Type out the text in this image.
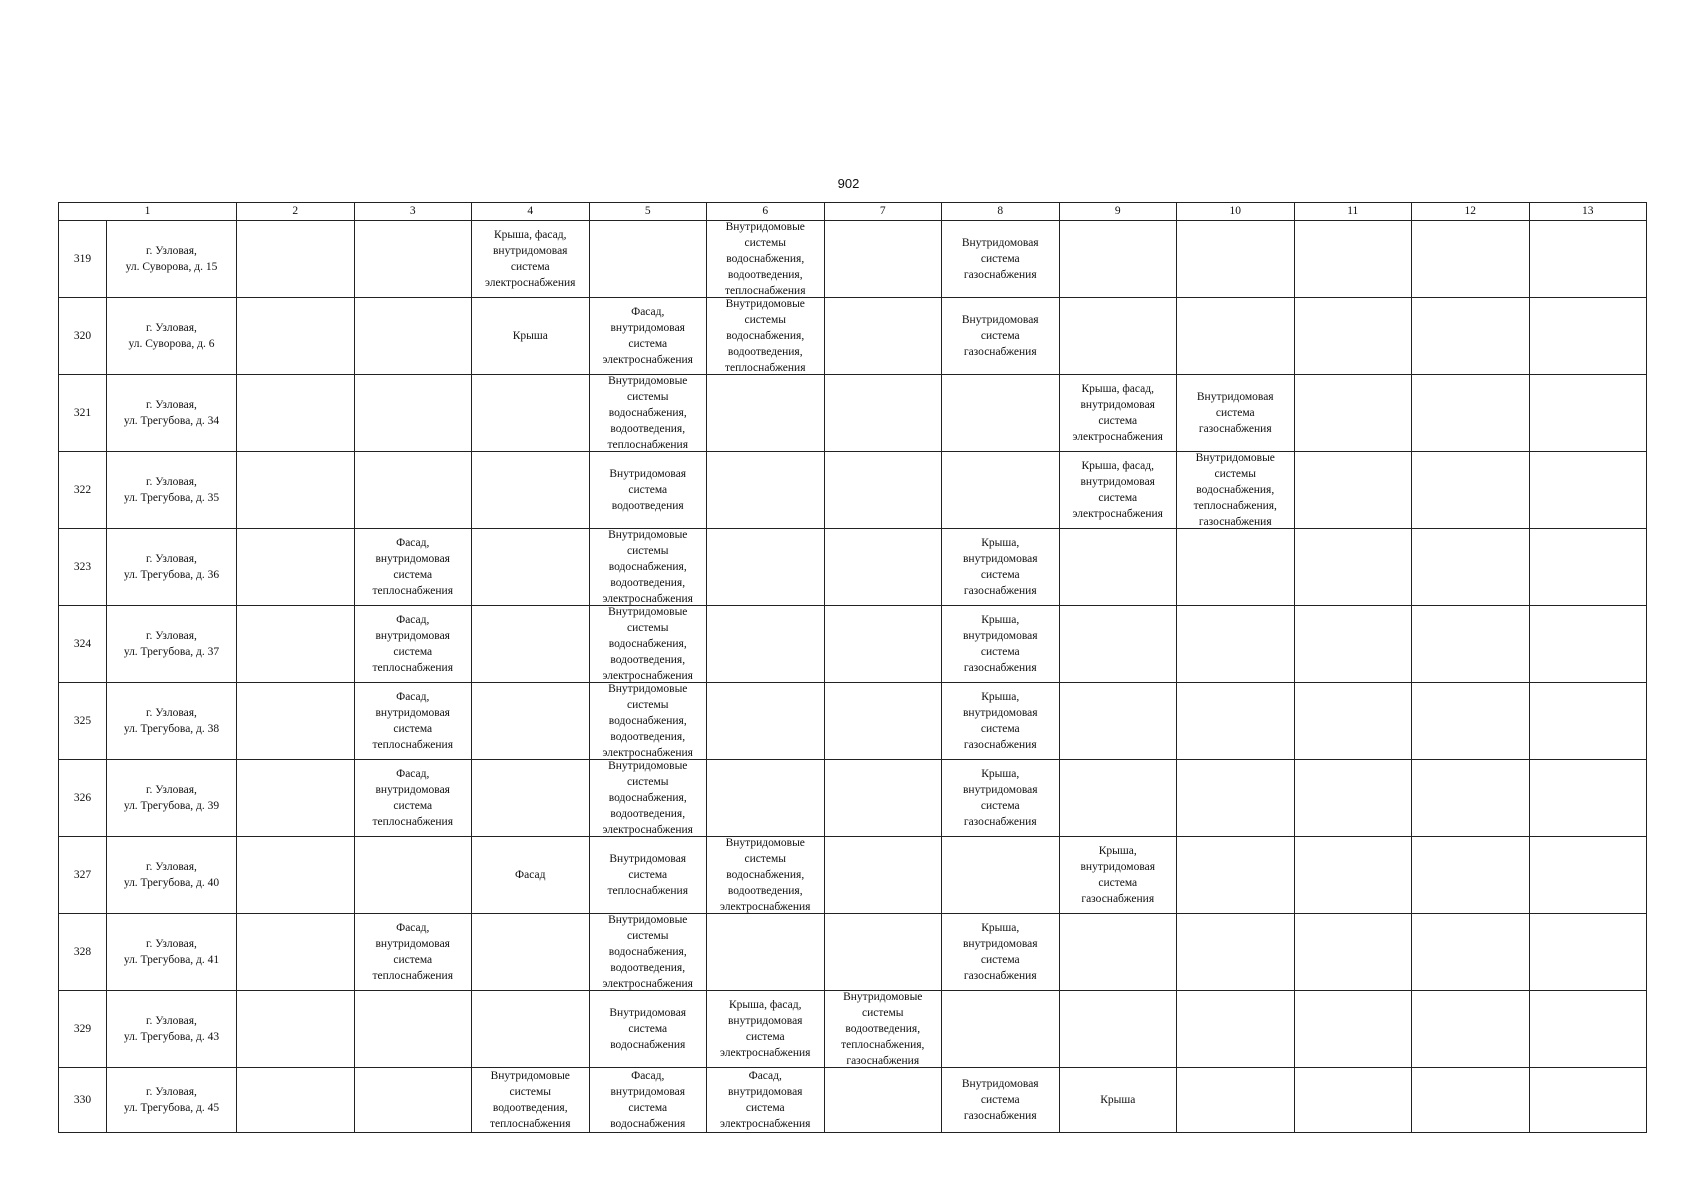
902
1		2	3	4	5	6	7	8	9	10	11	12	13
319	г. Узловая,
ул. Суворова, д. 15			Крыша, фасад,
внутридомовая
система
электроснабжения		Внутридомовые
системы
водоснабжения,
водоотведения,
теплоснабжения		Внутридомовая
система
газоснабжения					

320	г. Узловая,
ул. Суворова, д. 6			Крыша	Фасад,
внутридомовая
система
электроснабжения	Внутридомовые
системы
водоснабжения,
водоотведения,
теплоснабжения		Внутридомовая
система
газоснабжения					

321	г. Узловая,
ул. Трегубова, д. 34				Внутридомовые
системы
водоснабжения,
водоотведения,
теплоснабжения				Крыша, фасад,
внутридомовая
система
электроснабжения	Внутридомовая
система
газоснабжения			

322	г. Узловая,
ул. Трегубова, д. 35				Внутридомовая
система
водоотведения				Крыша, фасад,
внутридомовая
система
электроснабжения	Внутридомовые
системы
водоснабжения,
теплоснабжения,
газоснабжения			

323	г. Узловая,
ул. Трегубова, д. 36		Фасад,
внутридомовая
система
теплоснабжения		Внутридомовые
системы
водоснабжения,
водоотведения,
электроснабжения			Крыша,
внутридомовая
система
газоснабжения					

324	г. Узловая,
ул. Трегубова, д. 37		Фасад,
внутридомовая
система
теплоснабжения		Внутридомовые
системы
водоснабжения,
водоотведения,
электроснабжения			Крыша,
внутридомовая
система
газоснабжения					

325	г. Узловая,
ул. Трегубова, д. 38		Фасад,
внутридомовая
система
теплоснабжения		Внутридомовые
системы
водоснабжения,
водоотведения,
электроснабжения			Крыша,
внутридомовая
система
газоснабжения					

326	г. Узловая,
ул. Трегубова, д. 39		Фасад,
внутридомовая
система
теплоснабжения		Внутридомовые
системы
водоснабжения,
водоотведения,
электроснабжения			Крыша,
внутридомовая
система
газоснабжения					

327	г. Узловая,
ул. Трегубова, д. 40			Фасад	Внутридомовая
система
теплоснабжения	Внутридомовые
системы
водоснабжения,
водоотведения,
электроснабжения			Крыша,
внутридомовая
система
газоснабжения				

328	г. Узловая,
ул. Трегубова, д. 41		Фасад,
внутридомовая
система
теплоснабжения		Внутридомовые
системы
водоснабжения,
водоотведения,
электроснабжения			Крыша,
внутридомовая
система
газоснабжения					

329	г. Узловая,
ул. Трегубова, д. 43				Внутридомовая
система
водоснабжения	Крыша, фасад,
внутридомовая
система
электроснабжения	Внутридомовые
системы
водоотведения,
теплоснабжения,
газоснабжения						

330	г. Узловая,
ул. Трегубова, д. 45			Внутридомовые
системы
водоотведения,
теплоснабжения	Фасад,
внутридомовая
система
водоснабжения	Фасад,
внутридомовая
система
электроснабжения		Внутридомовая
система
газоснабжения	Крыша				
